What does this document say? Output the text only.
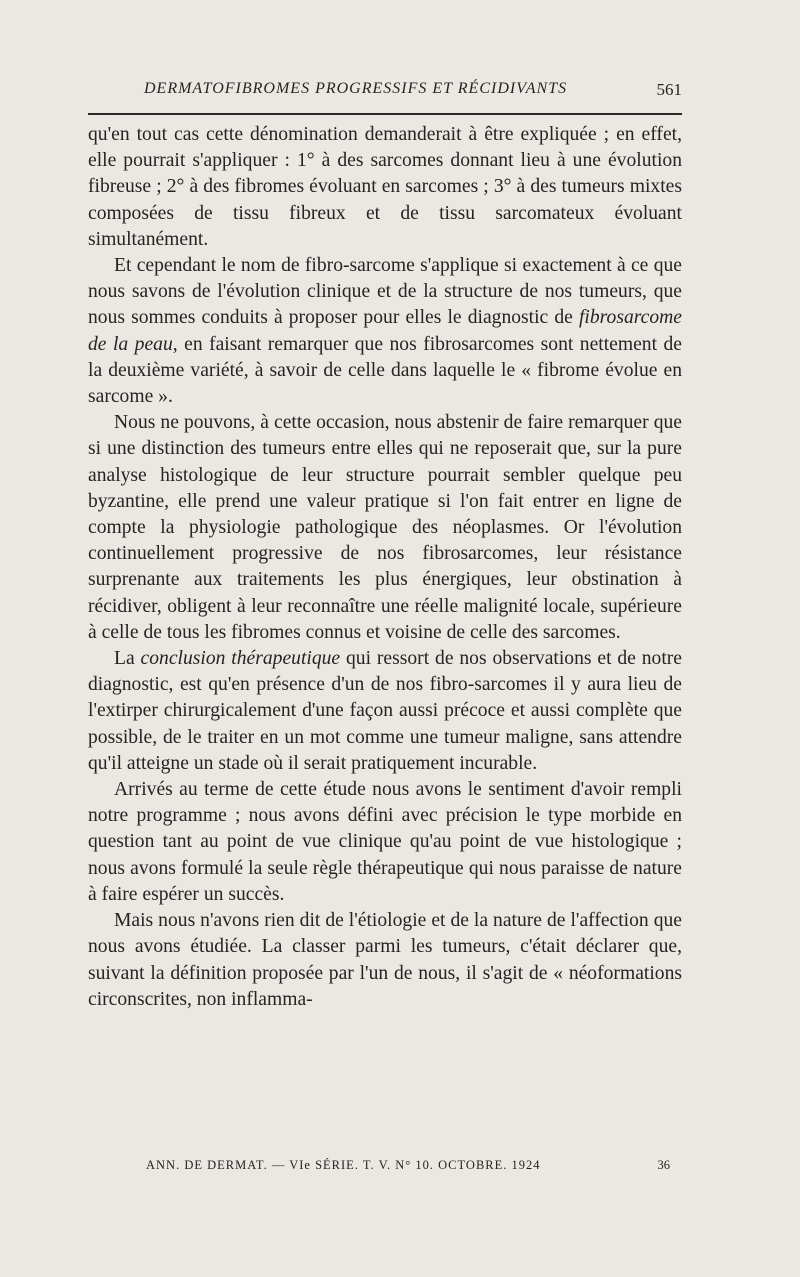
DERMATOFIBROMES PROGRESSIFS ET RÉCIDIVANTS	561

qu'en tout cas cette dénomination demanderait à être expliquée ; en effet, elle pourrait s'appliquer : 1° à des sarcomes donnant lieu à une évolution fibreuse ; 2° à des fibromes évoluant en sarcomes ; 3° à des tumeurs mixtes composées de tissu fibreux et de tissu sarcomateux évoluant simultanément.

Et cependant le nom de fibro-sarcome s'applique si exactement à ce que nous savons de l'évolution clinique et de la structure de nos tumeurs, que nous sommes conduits à proposer pour elles le diagnostic de fibrosarcome de la peau, en faisant remarquer que nos fibrosarcomes sont nettement de la deuxième variété, à savoir de celle dans laquelle le « fibrome évolue en sarcome ».

Nous ne pouvons, à cette occasion, nous abstenir de faire remarquer que si une distinction des tumeurs entre elles qui ne reposerait que, sur la pure analyse histologique de leur structure pourrait sembler quelque peu byzantine, elle prend une valeur pratique si l'on fait entrer en ligne de compte la physiologie pathologique des néoplasmes. Or l'évolution continuellement progressive de nos fibrosarcomes, leur résistance surprenante aux traitements les plus énergiques, leur obstination à récidiver, obligent à leur reconnaître une réelle malignité locale, supérieure à celle de tous les fibromes connus et voisine de celle des sarcomes.

La conclusion thérapeutique qui ressort de nos observations et de notre diagnostic, est qu'en présence d'un de nos fibro-sarcomes il y aura lieu de l'extirper chirurgicalement d'une façon aussi précoce et aussi complète que possible, de le traiter en un mot comme une tumeur maligne, sans attendre qu'il atteigne un stade où il serait pratiquement incurable.

Arrivés au terme de cette étude nous avons le sentiment d'avoir rempli notre programme ; nous avons défini avec précision le type morbide en question tant au point de vue clinique qu'au point de vue histologique ; nous avons formulé la seule règle thérapeutique qui nous paraisse de nature à faire espérer un succès.

Mais nous n'avons rien dit de l'étiologie et de la nature de l'affection que nous avons étudiée. La classer parmi les tumeurs, c'était déclarer que, suivant la définition proposée par l'un de nous, il s'agit de « néoformations circonscrites, non inflamma-

ANN. DE DERMAT. — VIe SÉRIE. T. V. N° 10. OCTOBRE. 1924	36
